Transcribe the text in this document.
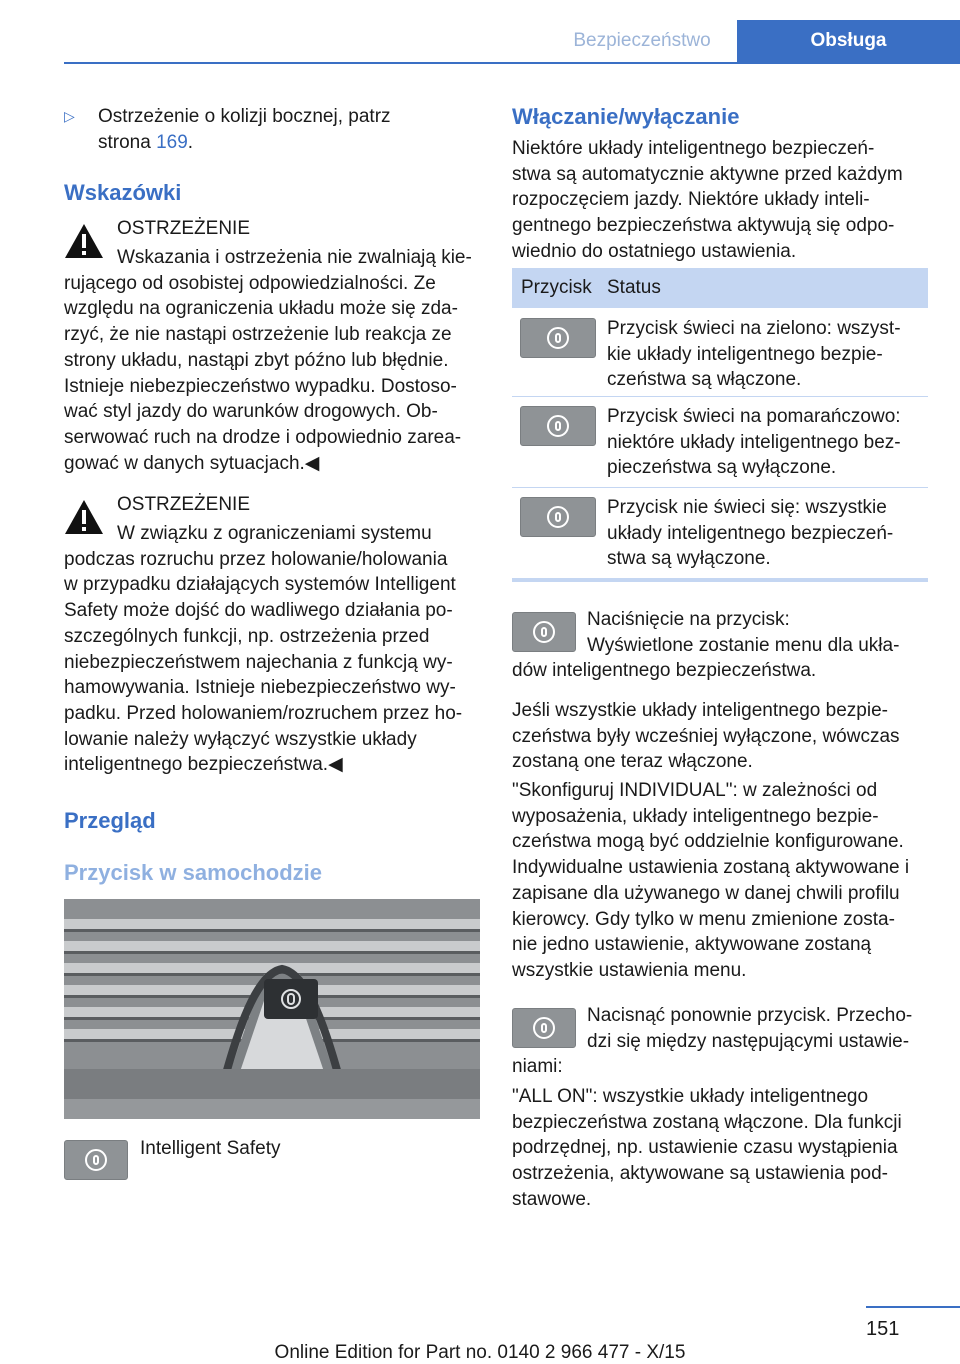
Bezpieczeństwo	Obsługa
▷ Ostrzeżenie o kolizji bocznej, patrz
strona 169.

Wskazówki
OSTRZEŻENIE

Wskazania i ostrzeżenia nie zwalniają kie‐

rującego od osobistej odpowiedzialności. Ze

względu na ograniczenia układu może się zda‐

rzyć, że nie nastąpi ostrzeżenie lub reakcja ze

strony układu, nastąpi zbyt późno lub błędnie.

Istnieje niebezpieczeństwo wypadku. Dostoso‐

wać styl jazdy do warunków drogowych. Ob‐

serwować ruch na drodze i odpowiednio zarea‐

gować w danych sytuacjach.◀

OSTRZEŻENIE

W związku z ograniczeniami systemu

podczas rozruchu przez holowanie/holowania

w przypadku działających systemów Intelligent

Safety może dojść do wadliwego działania po‐

szczególnych funkcji, np. ostrzeżenia przed

niebezpieczeństwem najechania z funkcją wy‐

hamowywania. Istnieje niebezpieczeństwo wy‐

padku. Przed holowaniem/rozruchem przez ho‐

lowanie należy wyłączyć wszystkie układy

inteligentnego bezpieczeństwa.◀

Przegląd
Przycisk w samochodzie
Intelligent Safety
Włączanie/wyłączanie

Niektóre układy inteligentnego bezpieczeń‐

stwa są automatycznie aktywne przed każdym

rozpoczęciem jazdy. Niektóre układy inteli‐

gentnego bezpieczeństwa aktywują się odpo‐

wiednio do ostatniego ustawienia.

Przycisk Status

Przycisk świeci na zielono: wszyst‐

kie układy inteligentnego bezpie‐

czeństwa są włączone.

Przycisk świeci na pomarańczowo:

niektóre układy inteligentnego bez‐

pieczeństwa są wyłączone.

Przycisk nie świeci się: wszystkie

układy inteligentnego bezpieczeń‐

stwa są wyłączone.

Naciśnięcie na przycisk:

Wyświetlone zostanie menu dla ukła‐

dów inteligentnego bezpieczeństwa.

Jeśli wszystkie układy inteligentnego bezpie‐

czeństwa były wcześniej wyłączone, wówczas

zostaną one teraz włączone.

"Skonfiguruj INDIVIDUAL": w zależności od

wyposażenia, układy inteligentnego bezpie‐

czeństwa mogą być oddzielnie konfigurowane.

Indywidualne ustawienia zostaną aktywowane i

zapisane dla używanego w danej chwili profilu

kierowcy. Gdy tylko w menu zmienione zosta‐

nie jedno ustawienie, aktywowane zostaną

wszystkie ustawienia menu.

Nacisnąć ponownie przycisk. Przecho‐

dzi się między następującymi ustawie‐

niami:

"ALL ON": wszystkie układy inteligentnego

bezpieczeństwa zostaną włączone. Dla funkcji

podrzędnej, np. ustawienie czasu wystąpienia

ostrzeżenia, aktywowane są ustawienia pod‐

stawowe.

151
Online Edition for Part no. 0140 2 966 477 - X/15
